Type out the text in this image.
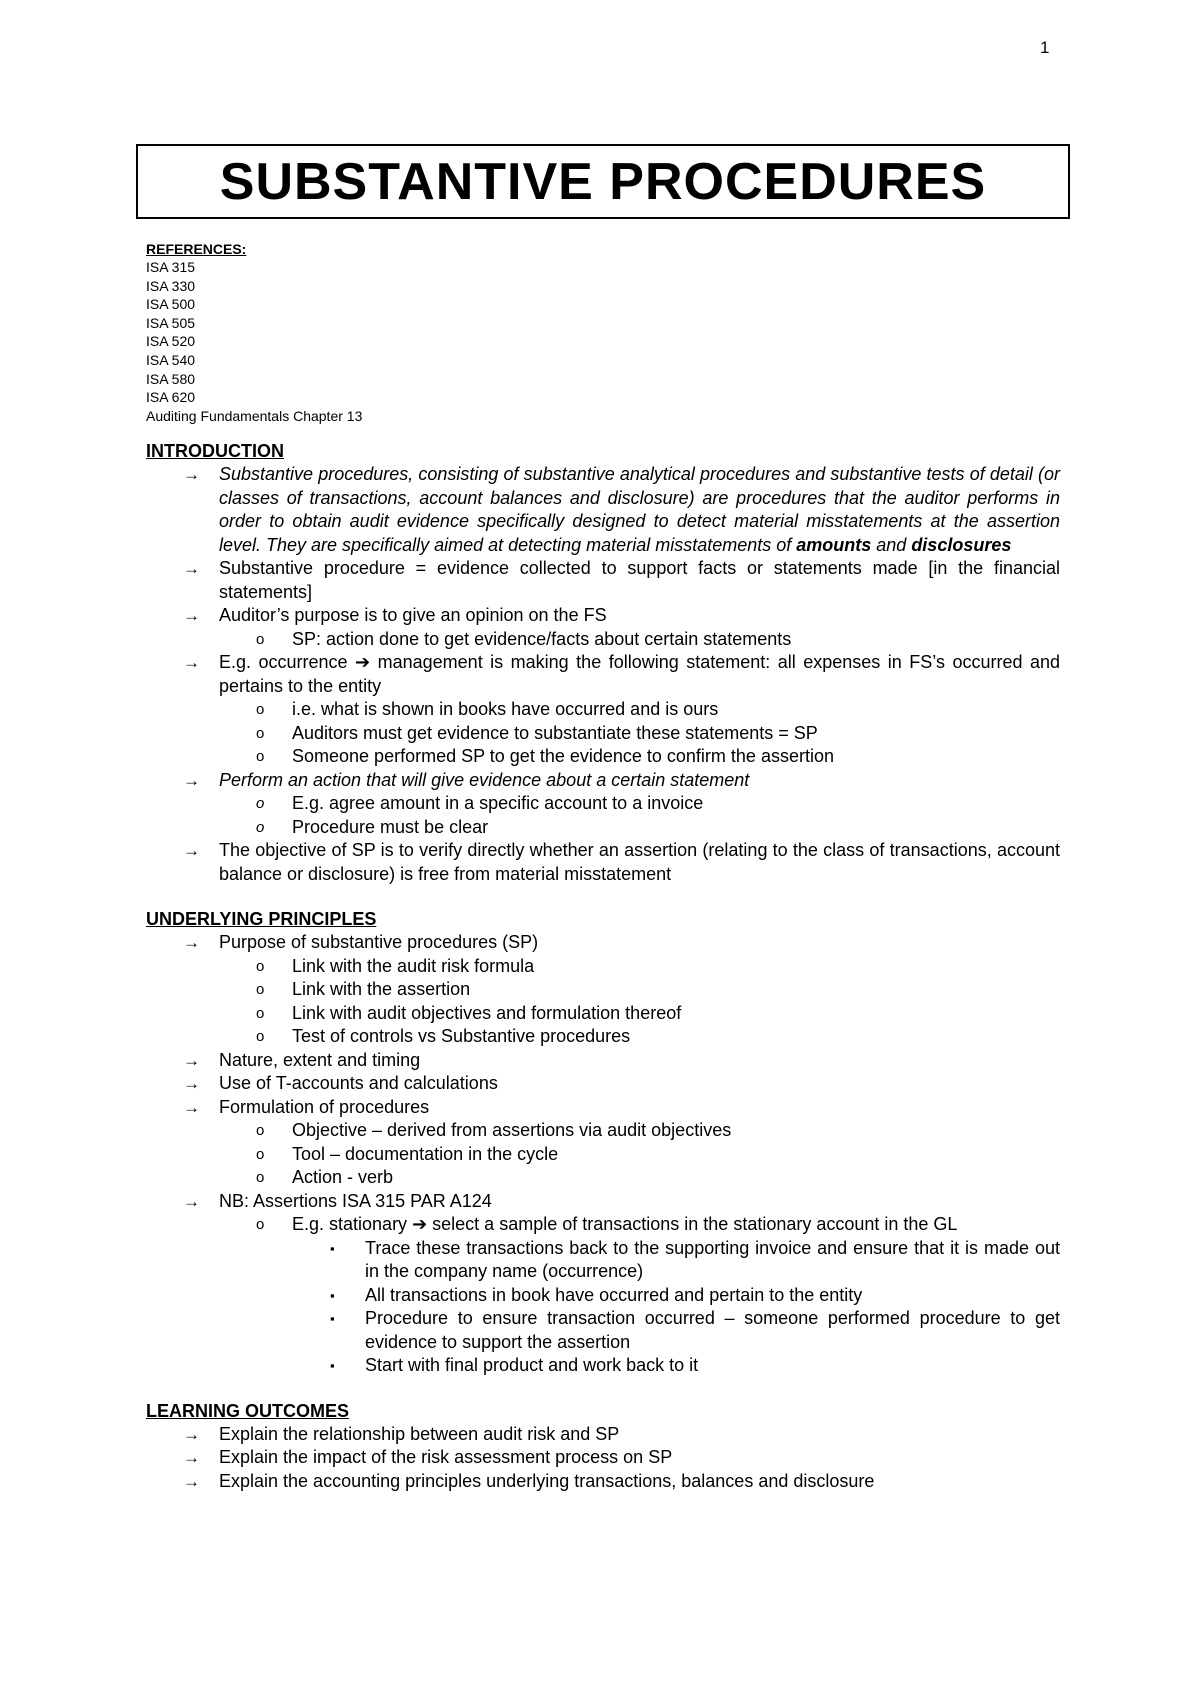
1
SUBSTANTIVE PROCEDURES
REFERENCES:
ISA 315
ISA 330
ISA 500
ISA 505
ISA 520
ISA 540
ISA 580
ISA 620
Auditing Fundamentals Chapter 13
INTRODUCTION
→ Substantive procedures, consisting of substantive analytical procedures and substantive tests of detail (or classes of transactions, account balances and disclosure) are procedures that the auditor performs in order to obtain audit evidence specifically designed to detect material misstatements at the assertion level. They are specifically aimed at detecting material misstatements of amounts and disclosures
→ Substantive procedure = evidence collected to support facts or statements made [in the financial statements]
→ Auditor’s purpose is to give an opinion on the FS
o SP: action done to get evidence/facts about certain statements
→ E.g. occurrence ➔ management is making the following statement: all expenses in FS’s occurred and pertains to the entity
o i.e. what is shown in books have occurred and is ours
o Auditors must get evidence to substantiate these statements = SP
o Someone performed SP to get the evidence to confirm the assertion
→ Perform an action that will give evidence about a certain statement
o E.g. agree amount in a specific account to a invoice
o Procedure must be clear
→ The objective of SP is to verify directly whether an assertion (relating to the class of transactions, account balance or disclosure) is free from material misstatement
UNDERLYING PRINCIPLES
→ Purpose of substantive procedures (SP)
o Link with the audit risk formula
o Link with the assertion
o Link with audit objectives and formulation thereof
o Test of controls vs Substantive procedures
→ Nature, extent and timing
→ Use of T-accounts and calculations
→ Formulation of procedures
o Objective – derived from assertions via audit objectives
o Tool – documentation in the cycle
o Action - verb
→ NB: Assertions ISA 315 PAR A124
o E.g. stationary ➔ select a sample of transactions in the stationary account in the GL
▪ Trace these transactions back to the supporting invoice and ensure that it is made out in the company name (occurrence)
▪ All transactions in book have occurred and pertain to the entity
▪ Procedure to ensure transaction occurred – someone performed procedure to get evidence to support the assertion
▪ Start with final product and work back to it
LEARNING OUTCOMES
→ Explain the relationship between audit risk and SP
→ Explain the impact of the risk assessment process on SP
→ Explain the accounting principles underlying transactions, balances and disclosure
